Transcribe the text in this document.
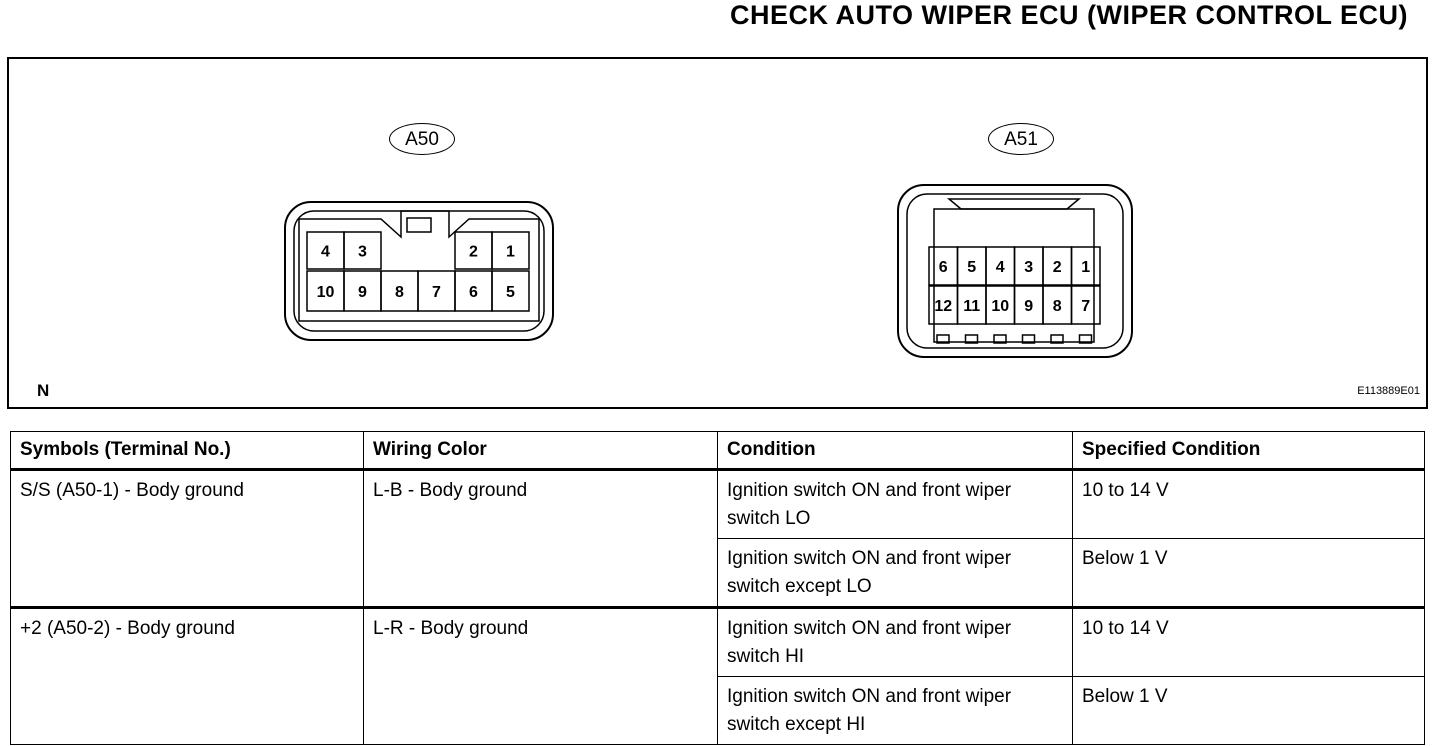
CHECK AUTO WIPER ECU (WIPER CONTROL ECU)
4 3	2 1
10 9 8 7 6 5
6 5 4 3 2 1
12 11 10 9 8 7
A50	A51
N	E113889E01
Symbols (Terminal No.)	Wiring Color	Condition	Specified Condition
S/S (A50-1) - Body ground	L-B - Body ground	Ignition switch ON and front wiper switch LO	10 to 14 V
		Ignition switch ON and front wiper switch except LO	Below 1 V
+2 (A50-2) - Body ground	L-R - Body ground	Ignition switch ON and front wiper switch HI	10 to 14 V
		Ignition switch ON and front wiper switch except HI	Below 1 V
